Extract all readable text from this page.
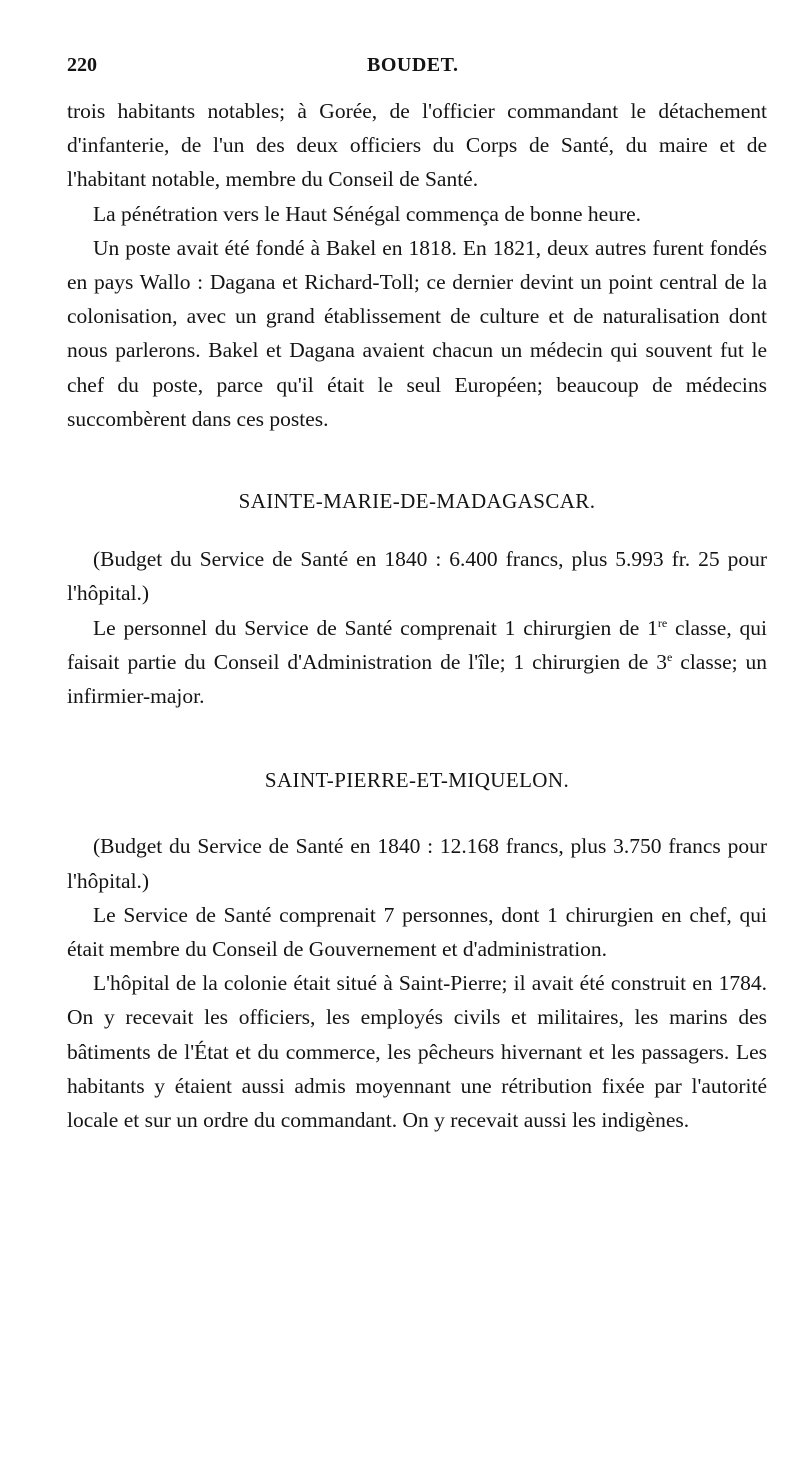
220	BOUDET.

trois habitants notables; à Gorée, de l'officier commandant le détachement d'infanterie, de l'un des deux officiers du Corps de Santé, du maire et de l'habitant notable, membre du Conseil de Santé.

La pénétration vers le Haut Sénégal commença de bonne heure.

Un poste avait été fondé à Bakel en 1818. En 1821, deux autres furent fondés en pays Wallo : Dagana et Richard-Toll; ce dernier devint un point central de la colonisation, avec un grand établissement de culture et de naturalisation dont nous parlerons. Bakel et Dagana avaient chacun un médecin qui souvent fut le chef du poste, parce qu'il était le seul Européen; beaucoup de médecins succombèrent dans ces postes.

SAINTE-MARIE-DE-MADAGASCAR.

(Budget du Service de Santé en 1840 : 6.400 francs, plus 5.993 fr. 25 pour l'hôpital.)

Le personnel du Service de Santé comprenait 1 chirurgien de 1re classe, qui faisait partie du Conseil d'Administration de l'île; 1 chirurgien de 3e classe; un infirmier-major.

SAINT-PIERRE-ET-MIQUELON.

(Budget du Service de Santé en 1840 : 12.168 francs, plus 3.750 francs pour l'hôpital.)

Le Service de Santé comprenait 7 personnes, dont 1 chirurgien en chef, qui était membre du Conseil de Gouvernement et d'administration.

L'hôpital de la colonie était situé à Saint-Pierre; il avait été construit en 1784. On y recevait les officiers, les employés civils et militaires, les marins des bâtiments de l'État et du commerce, les pêcheurs hivernant et les passagers. Les habitants y étaient aussi admis moyennant une rétribution fixée par l'autorité locale et sur un ordre du commandant. On y recevait aussi les indigènes.
